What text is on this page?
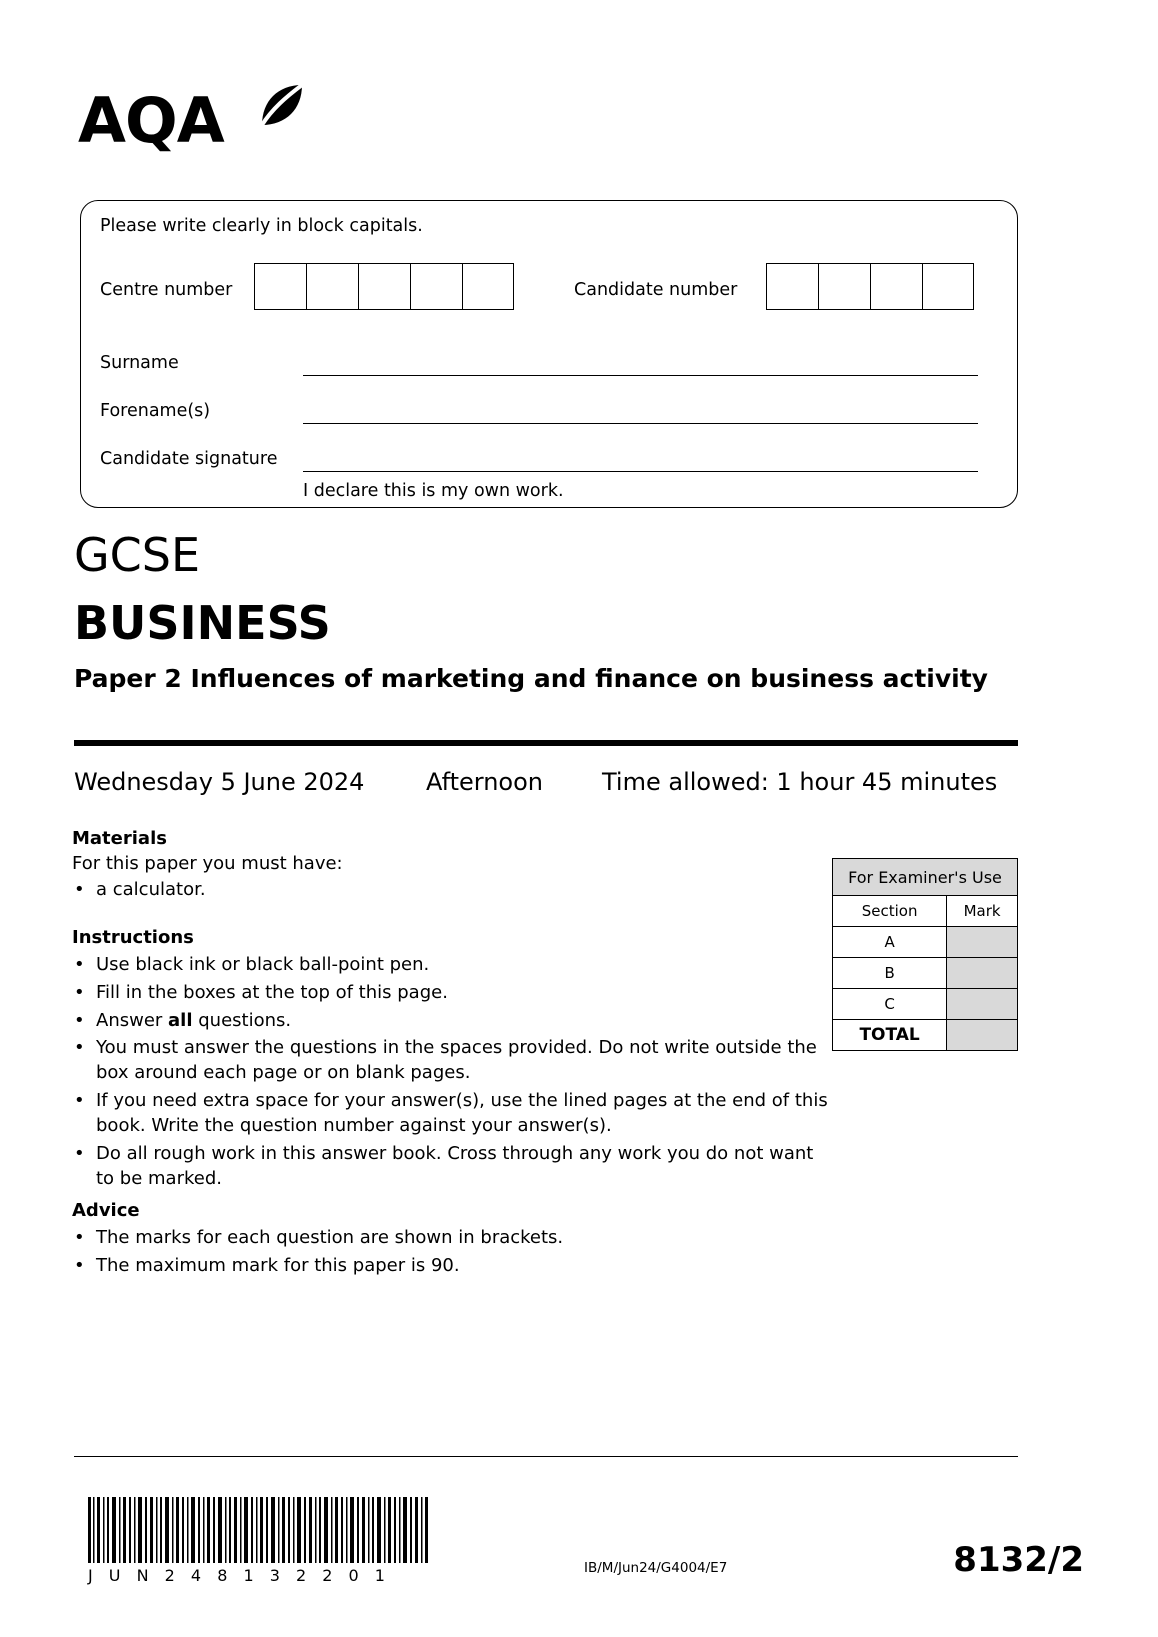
AQA
Please write clearly in block capitals.
Centre number	Candidate number
Surname
Forename(s)
Candidate signature
I declare this is my own work.
GCSE
BUSINESS
Paper 2 Influences of marketing and finance on business activity
Wednesday 5 June 2024	Afternoon Time allowed: 1 hour 45 minutes
Materials
For this paper you must have:
• a calculator.
Instructions
• Use black ink or black ball-point pen.
• Fill in the boxes at the top of this page.
• Answer all questions.
• You must answer the questions in the spaces provided. Do not write outside the box around each page or on blank pages.
• If you need extra space for your answer(s), use the lined pages at the end of this book. Write the question number against your answer(s).
• Do all rough work in this answer book. Cross through any work you do not want to be marked.
Advice
• The marks for each question are shown in brackets.
• The maximum mark for this paper is 90.
For Examiner's Use	
Section	Mark
A	
B	
C	
TOTAL	
J U N 2 4 8 1 3 2 2 0 1	IB/M/Jun24/G4004/E7	8132/2
